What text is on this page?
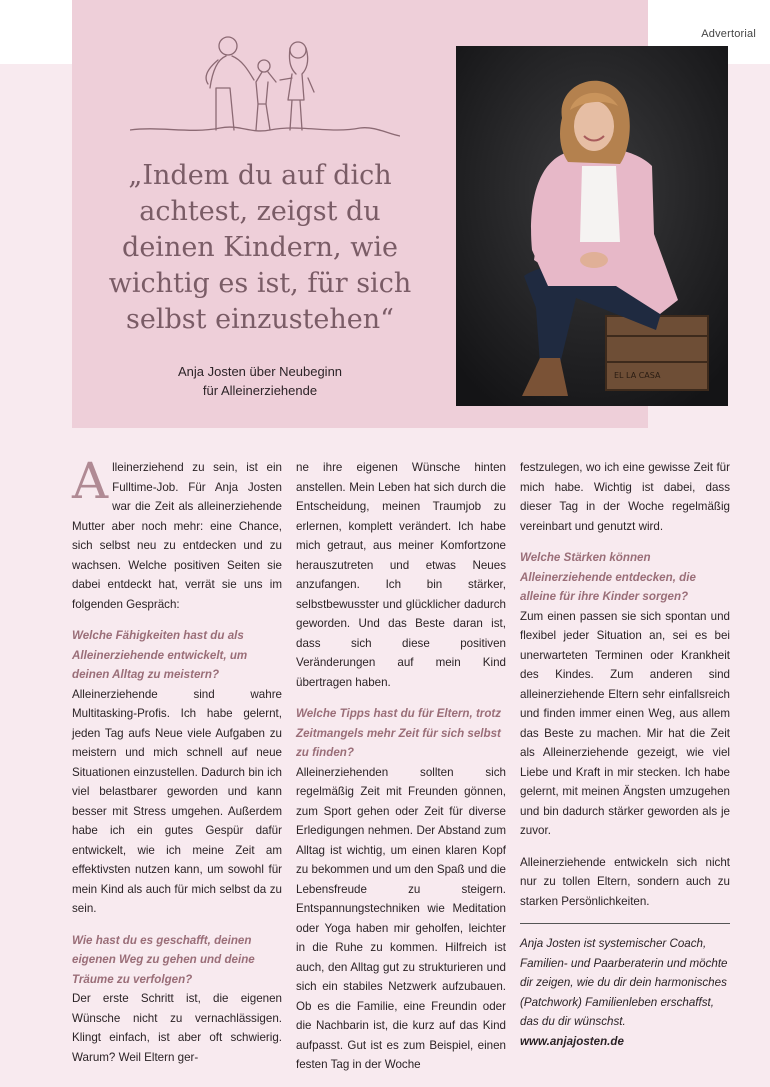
Advertorial
„Indem du auf dich achtest, zeigst du deinen Kindern, wie wichtig es ist, für sich selbst einzustehen“
Anja Josten über Neubeginn
für Alleinerziehende
EL LA CASA

Alleinerziehend zu sein, ist ein Fulltime-Job. Für Anja Josten war die Zeit als alleinerziehende Mutter aber noch mehr: eine Chance, sich selbst neu zu entdecken und zu wachsen. Welche positiven Seiten sie dabei entdeckt hat, verrät sie uns im folgenden Gespräch:

Welche Fähigkeiten hast du als Alleinerziehende entwickelt, um deinen Alltag zu meistern?

Alleinerziehende sind wahre Multitasking-Profis. Ich habe gelernt, jeden Tag aufs Neue viele Aufgaben zu meistern und mich schnell auf neue Situationen einzustellen. Dadurch bin ich viel belastbarer geworden und kann besser mit Stress umgehen. Außerdem habe ich ein gutes Gespür dafür entwickelt, wie ich meine Zeit am effektivsten nutzen kann, um sowohl für mein Kind als auch für mich selbst da zu sein.

Wie hast du es geschafft, deinen eigenen Weg zu gehen und deine Träume zu verfolgen?

Der erste Schritt ist, die eigenen Wünsche nicht zu vernachlässigen. Klingt einfach, ist aber oft schwierig. Warum? Weil Eltern ger-

ne ihre eigenen Wünsche hinten anstellen. Mein Leben hat sich durch die Entscheidung, meinen Traumjob zu erlernen, komplett verändert. Ich habe mich getraut, aus meiner Komfortzone herauszutreten und etwas Neues anzufangen. Ich bin stärker, selbstbewusster und glücklicher dadurch geworden. Und das Beste daran ist, dass sich diese positiven Veränderungen auf mein Kind übertragen haben.

Welche Tipps hast du für Eltern, trotz Zeitmangels mehr Zeit für sich selbst zu finden?

Alleinerziehenden sollten sich regelmäßig Zeit mit Freunden gönnen, zum Sport gehen oder Zeit für diverse Erledigungen nehmen. Der Abstand zum Alltag ist wichtig, um einen klaren Kopf zu bekommen und um den Spaß und die Lebensfreude zu steigern. Entspannungstechniken wie Meditation oder Yoga haben mir geholfen, leichter in die Ruhe zu kommen. Hilfreich ist auch, den Alltag gut zu strukturieren und sich ein stabiles Netzwerk aufzubauen. Ob es die Familie, eine Freundin oder die Nachbarin ist, die kurz auf das Kind aufpasst. Gut ist es zum Beispiel, einen festen Tag in der Woche

festzulegen, wo ich eine gewisse Zeit für mich habe. Wichtig ist dabei, dass dieser Tag in der Woche regelmäßig vereinbart und genutzt wird.

Welche Stärken können Alleinerziehende entdecken, die alleine für ihre Kinder sorgen?

Zum einen passen sie sich spontan und flexibel jeder Situation an, sei es bei unerwarteten Terminen oder Krankheit des Kindes. Zum anderen sind alleinerziehende Eltern sehr einfallsreich und finden immer einen Weg, aus allem das Beste zu machen. Mir hat die Zeit als Alleinerziehende gezeigt, wie viel Liebe und Kraft in mir stecken. Ich habe gelernt, mit meinen Ängsten umzugehen und bin dadurch stärker geworden als je zuvor.

Alleinerziehende entwickeln sich nicht nur zu tollen Eltern, sondern auch zu starken Persönlichkeiten.

Anja Josten ist systemischer Coach, Familien- und Paarberaterin und möchte dir zeigen, wie du dir dein harmonisches (Patchwork) Familienleben erschaffst, das du dir wünschst. www.anjajosten.de
